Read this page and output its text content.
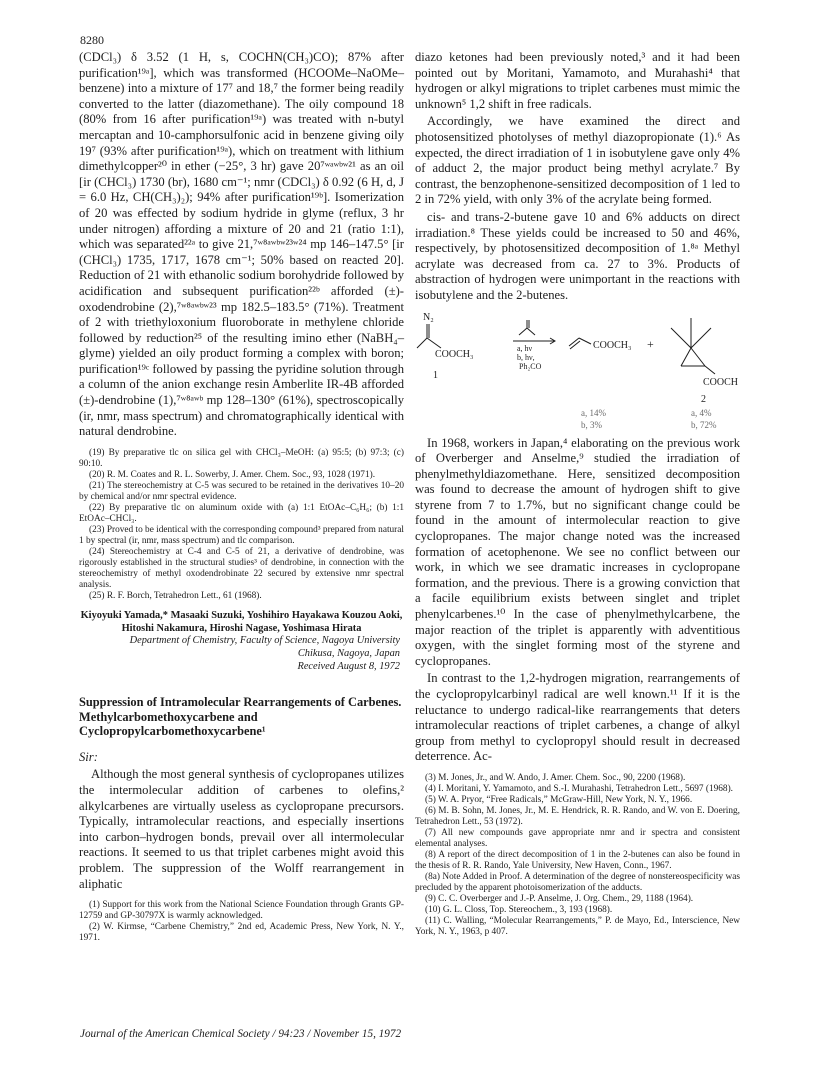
8280

(CDCl₃) δ 3.52 (1 H, s, COCHN(CH₃)CO); 87% after purification¹⁹ᵃ], which was transformed (HCOOMe–NaOMe–benzene) into a mixture of 17⁷ and 18,⁷ the former being readily converted to the latter (diazomethane). The oily compound 18 (80% from 16 after purification¹⁹ᵃ) was treated with n-butyl mercaptan and 10-camphorsulfonic acid in benzene giving oily 19⁷ (93% after purification¹⁹ᵃ), which on treatment with lithium dimethylcopper²⁰ in ether (−25°, 3 hr) gave 20⁷ʷᵃʷᵇʷ²¹ as an oil [ir (CHCl₃) 1730 (br), 1680 cm⁻¹; nmr (CDCl₃) δ 0.92 (6 H, d, J = 6.0 Hz, CH(CH₃)₂); 94% after purification¹⁹ᵇ]. Isomerization of 20 was effected by sodium hydride in glyme (reflux, 3 hr under nitrogen) affording a mixture of 20 and 21 (ratio 1:1), which was separated²²ᵃ to give 21,⁷ʷ⁸ᵃʷᵇʷ²³ʷ²⁴ mp 146–147.5° [ir (CHCl₃) 1735, 1717, 1678 cm⁻¹; 50% based on reacted 20]. Reduction of 21 with ethanolic sodium borohydride followed by acidification and subsequent purification²²ᵇ afforded (±)-oxodendrobine (2),⁷ʷ⁸ᵃʷᵇʷ²³ mp 182.5–183.5° (71%). Treatment of 2 with triethyloxonium fluoroborate in methylene chloride followed by reduction²⁵ of the resulting imino ether (NaBH₄–glyme) yielded an oily product forming a complex with boron; purification¹⁹ᶜ followed by passing the pyridine solution through a column of the anion exchange resin Amberlite IR-4B afforded (±)-dendrobine (1),⁷ʷ⁸ᵃʷᵇ mp 128–130° (61%), spectroscopically (ir, nmr, mass spectrum) and chromatographically identical with natural dendrobine.

(19) By preparative tlc on silica gel with CHCl₃–MeOH: (a) 95:5; (b) 97:3; (c) 90:10.

(20) R. M. Coates and R. L. Sowerby, J. Amer. Chem. Soc., 93, 1028 (1971).

(21) The stereochemistry at C-5 was secured to be retained in the derivatives 10–20 by chemical and/or nmr spectral evidence.

(22) By preparative tlc on aluminum oxide with (a) 1:1 EtOAc–C₆H₆; (b) 1:1 EtOAc–CHCl₃.

(23) Proved to be identical with the corresponding compound³ prepared from natural 1 by spectral (ir, nmr, mass spectrum) and tlc comparison.

(24) Stereochemistry at C-4 and C-5 of 21, a derivative of dendrobine, was rigorously established in the structural studies³ of dendrobine, in connection with the stereochemistry of methyl oxodendrobinate 22 secured by extensive nmr spectral analysis.

(25) R. F. Borch, Tetrahedron Lett., 61 (1968).

Kiyoyuki Yamada,* Masaaki Suzuki, Yoshihiro Hayakawa Kouzou Aoki, Hitoshi Nakamura, Hiroshi Nagase, Yoshimasa Hirata
Department of Chemistry, Faculty of Science, Nagoya University
Chikusa, Nagoya, Japan
Received August 8, 1972
Suppression of Intramolecular Rearrangements of Carbenes. Methylcarbomethoxycarbene and Cyclopropylcarbomethoxycarbene¹
Sir:

Although the most general synthesis of cyclopropanes utilizes the intermolecular addition of carbenes to olefins,² alkylcarbenes are virtually useless as cyclopropane precursors. Typically, intramolecular reactions, and especially insertions into carbon–hydrogen bonds, prevail over all intermolecular reactions. It seemed to us that triplet carbenes might avoid this problem. The suppression of the Wolff rearrangement in aliphatic

(1) Support for this work from the National Science Foundation through Grants GP-12759 and GP-30797X is warmly acknowledged.

(2) W. Kirmse, “Carbene Chemistry,” 2nd ed, Academic Press, New York, N. Y., 1971.

diazo ketones had been previously noted,³ and it had been pointed out by Moritani, Yamamoto, and Murahashi⁴ that hydrogen or alkyl migrations to triplet carbenes must mimic the unknown⁵ 1,2 shift in free radicals.

Accordingly, we have examined the direct and photosensitized photolyses of methyl diazopropionate (1).⁶ As expected, the direct irradiation of 1 in isobutylene gave only 4% of adduct 2, the major product being methyl acrylate.⁷ By contrast, the benzophenone-sensitized decomposition of 1 led to 2 in 72% yield, with only 3% of the acrylate being formed.

cis- and trans-2-butene gave 10 and 6% adducts on direct irradiation.⁸ These yields could be increased to 50 and 46%, respectively, by photosensitized decomposition of 1.⁸ᵃ Methyl acrylate was decreased from ca. 27 to 3%. Products of abstraction of hydrogen were unimportant in the reactions with isobutylene and the 2-butenes.

N₂
COOCH₃
1
a, hν
b, hν,
Ph₂CO
COOCH₃ +
COOCH
2
a, 14%
b, 3%
a, 4%
b, 72%

In 1968, workers in Japan,⁴ elaborating on the previous work of Overberger and Anselme,⁹ studied the irradiation of phenylmethyldiazomethane. Here, sensitized decomposition was found to decrease the amount of hydrogen shift to give styrene from 7 to 1.7%, but no significant change could be found in the amount of intermolecular reaction to give cyclopropanes. The major change noted was the increased formation of acetophenone. We see no conflict between our work, in which we see dramatic increases in cyclopropane formation, and the previous. There is a growing conviction that a facile equilibrium exists between singlet and triplet phenylcarbenes.¹⁰ In the case of phenylmethylcarbene, the major reaction of the triplet is apparently with adventitious oxygen, with the singlet forming most of the styrene and cyclopropanes.

In contrast to the 1,2-hydrogen migration, rearrangements of the cyclopropylcarbinyl radical are well known.¹¹ If it is the reluctance to undergo radical-like rearrangements that deters intramolecular reactions of triplet carbenes, a change of alkyl group from methyl to cyclopropyl should result in decreased deterrence. Ac-

(3) M. Jones, Jr., and W. Ando, J. Amer. Chem. Soc., 90, 2200 (1968).

(4) I. Moritani, Y. Yamamoto, and S.-I. Murahashi, Tetrahedron Lett., 5697 (1968).

(5) W. A. Pryor, “Free Radicals,” McGraw-Hill, New York, N. Y., 1966.

(6) M. B. Sohn, M. Jones, Jr., M. E. Hendrick, R. R. Rando, and W. von E. Doering, Tetrahedron Lett., 53 (1972).

(7) All new compounds gave appropriate nmr and ir spectra and consistent elemental analyses.

(8) A report of the direct decomposition of 1 in the 2-butenes can also be found in the thesis of R. R. Rando, Yale University, New Haven, Conn., 1967.

(8a) Note Added in Proof. A determination of the degree of nonstereospecificity was precluded by the apparent photoisomerization of the adducts.

(9) C. C. Overberger and J.-P. Anselme, J. Org. Chem., 29, 1188 (1964).

(10) G. L. Closs, Top. Stereochem., 3, 193 (1968).

(11) C. Walling, “Molecular Rearrangements,” P. de Mayo, Ed., Interscience, New York, N. Y., 1963, p 407.

Journal of the American Chemical Society / 94:23 / November 15, 1972
